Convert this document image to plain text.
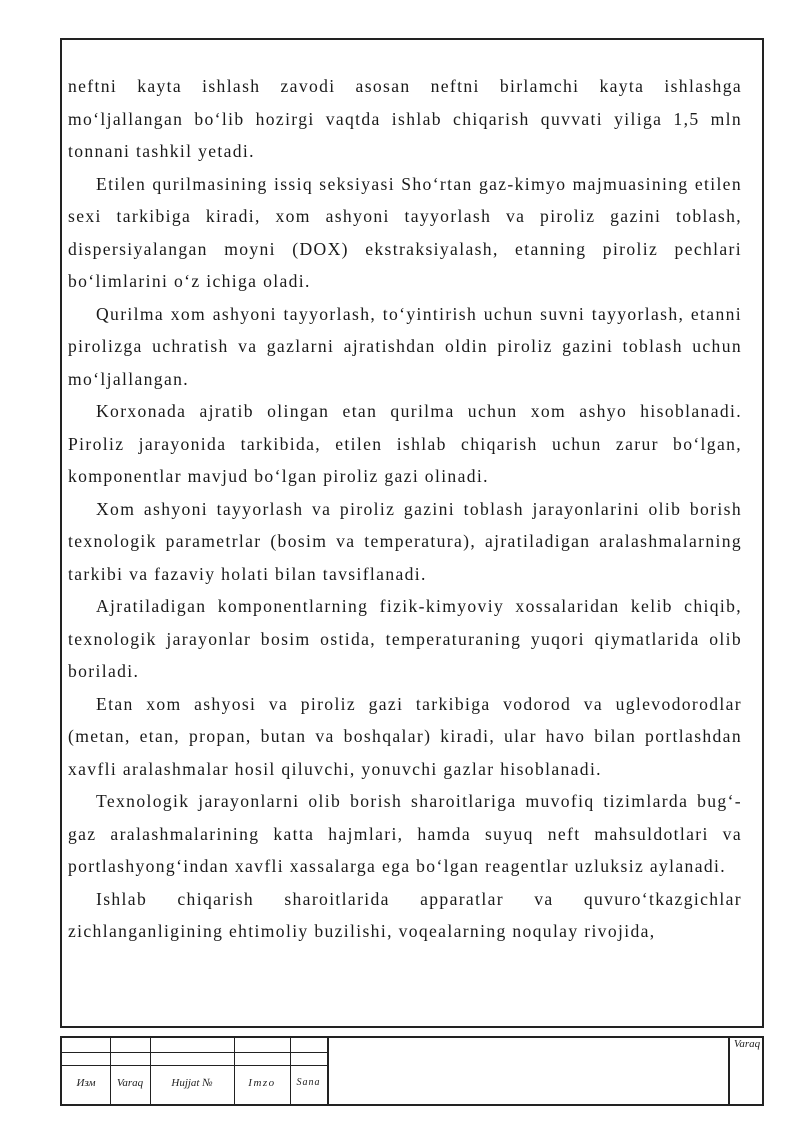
neftni kayta ishlash zavodi asosan neftni birlamchi kayta ishlashga mo‘ljallangan bo‘lib hozirgi vaqtda ishlab chiqarish quvvati yiliga 1,5 mln tonnani tashkil yetadi.

Etilen qurilmasining issiq seksiyasi Sho‘rtan gaz-kimyo majmuasining etilen sexi tarkibiga kiradi, xom ashyoni tayyorlash va piroliz gazini toblash, dispersiyalangan moyni (DOX) ekstraksiyalash, etanning piroliz pechlari bo‘limlarini o‘z ichiga oladi.

Qurilma xom ashyoni tayyorlash, to‘yintirish uchun suvni tayyorlash, etanni pirolizga uchratish va gazlarni ajratishdan oldin piroliz gazini toblash uchun mo‘ljallangan.

Korxonada ajratib olingan etan qurilma uchun xom ashyo hisoblanadi. Piroliz jarayonida tarkibida, etilen ishlab chiqarish uchun zarur bo‘lgan, komponentlar mavjud bo‘lgan piroliz gazi olinadi.

Xom ashyoni tayyorlash va piroliz gazini toblash jarayonlarini olib borish texnologik parametrlar (bosim va temperatura), ajratiladigan aralashmalarning tarkibi va fazaviy holati bilan tavsiflanadi.

Ajratiladigan komponentlarning fizik-kimyoviy xossalaridan kelib chiqib, texnologik jarayonlar bosim ostida, temperaturaning yuqori qiymatlarida olib boriladi.

Etan xom ashyosi va piroliz gazi tarkibiga vodorod va uglevodorodlar (metan, etan, propan, butan va boshqalar) kiradi, ular havo bilan portlashdan xavfli aralashmalar hosil qiluvchi, yonuvchi gazlar hisoblanadi.

Texnologik jarayonlarni olib borish sharoitlariga muvofiq tizimlarda bug‘-gaz aralashmalarining katta hajmlari, hamda suyuq neft mahsuldotlari va portlashyong‘indan xavfli xassalarga ega bo‘lgan reagentlar uzluksiz aylanadi.

Ishlab chiqarish sharoitlarida apparatlar va quvuro‘tkazgichlar zichlanganligining ehtimoliy buzilishi, voqealarning noqulay rivojida,

Изм	Varaq	Hujjat №	Imzo	Sana
Varaq
